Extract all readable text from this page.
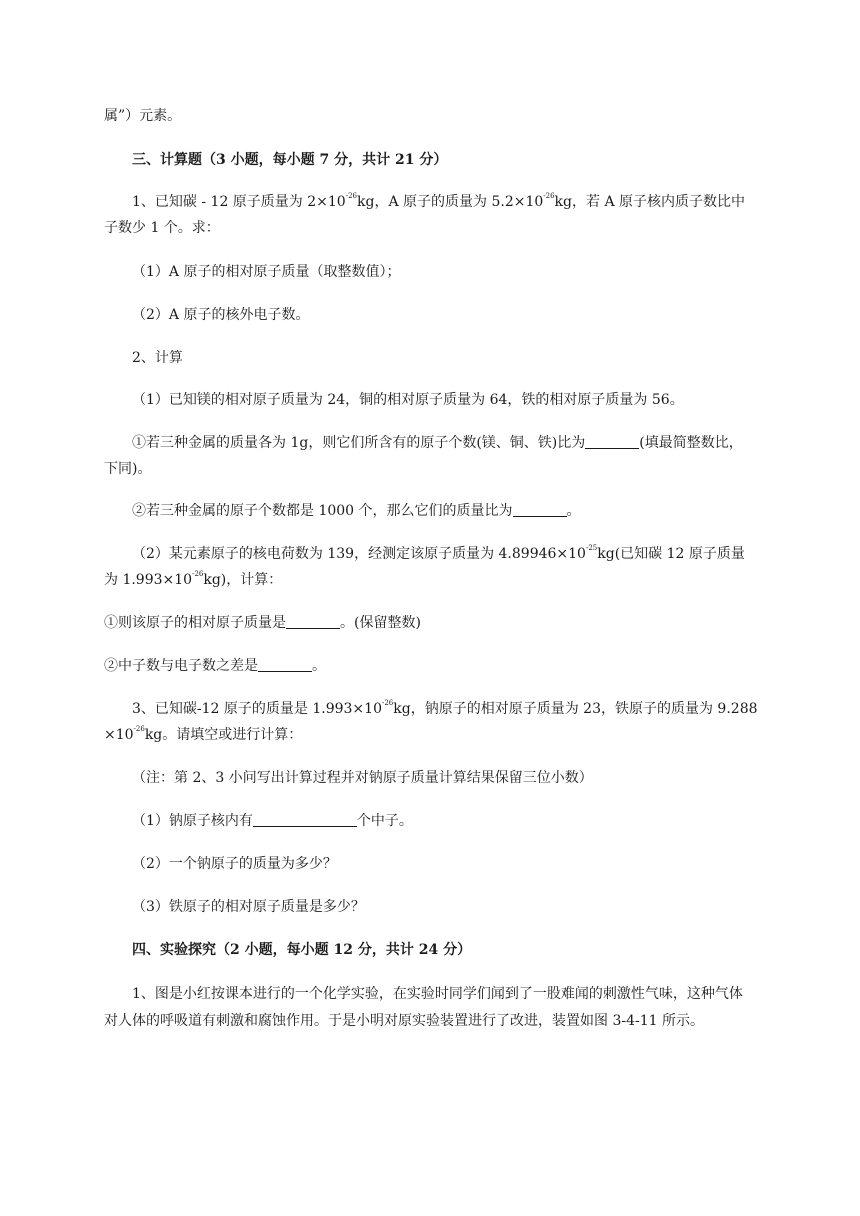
属”）元素。
三、计算题（3 小题，每小题 7 分，共计 21 分）
1、已知碳 - 12 原子质量为 $2\times 10^{-26}kg$，A 原子的质量为 $5.2\times 10^{-26}kg$，若 A 原子核内质子数比中
子数少 1 个。求：
（1）A 原子的相对原子质量（取整数值）；
（2）A 原子的核外电子数。
2、计算
（1）已知镁的相对原子质量为 24，铜的相对原子质量为 64，铁的相对原子质量为 56。
①若三种金属的质量各为 1g，则它们所含有的原子个数(镁、铜、铁)比为	(填最简整数比，
下同)。
②若三种金属的原子个数都是 1000 个，那么它们的质量比为	。
（2）某元素原子的核电荷数为 139，经测定该原子质量为 $4.89946\times 10^{-25}kg$(已知碳 12 原子质量
为 $1.993\times 10^{-26}kg$)，计算：
①则该原子的相对原子质量是	。(保留整数)
②中子数与电子数之差是	。
3、已知碳-12 原子的质量是 $1.993\times 10^{-26}kg$，钠原子的相对原子质量为 23，铁原子的质量为 9.288
$\times 10^{-26}kg$。请填空或进行计算：
（注：第 2、3 小问写出计算过程并对钠原子质量计算结果保留三位小数）
（1）钠原子核内有	个中子。
（2）一个钠原子的质量为多少？
（3）铁原子的相对原子质量是多少？
四、实验探究（2 小题，每小题 12 分，共计 24 分）
1、图是小红按课本进行的一个化学实验，在实验时同学们闻到了一股难闻的刺激性气味，这种气体
对人体的呼吸道有刺激和腐蚀作用。于是小明对原实验装置进行了改进，装置如图 3-4-11 所示。
